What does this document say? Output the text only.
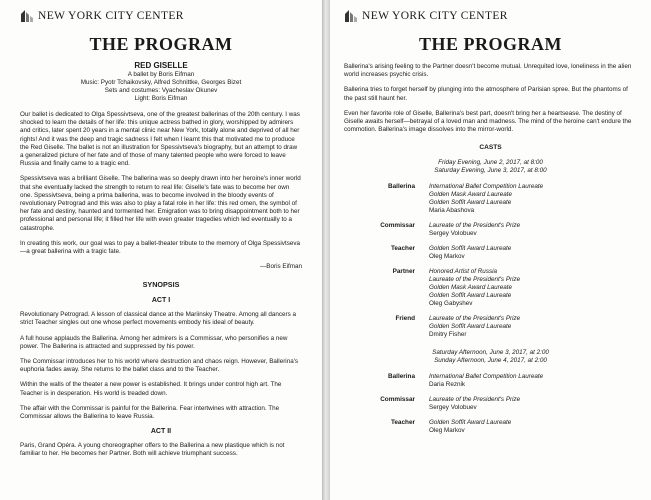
NEW YORK CITY CENTER
THE PROGRAM
RED GISELLE
A ballet by Boris Eifman
Music: Pyotr Tchaikovsky, Alfred Schnittke, Georges Bizet
Sets and costumes: Vyacheslav Okunev
Light: Boris Eifman

Our ballet is dedicated to Olga Spessivtseva, one of the greatest ballerinas of the 20th century. I was shocked to learn the details of her life: this unique actress bathed in glory, worshipped by admirers and critics, later spent 20 years in a mental clinic near New York, totally alone and deprived of all her rights! And it was the deep and tragic sadness I felt when I learnt this that motivated me to produce the Red Giselle. The ballet is not an illustration for Spessivtseva's biography, but an attempt to draw a generalized picture of her fate and of those of many talented people who were forced to leave Russia and finally came to a tragic end.

Spessivtseva was a brilliant Giselle. The ballerina was so deeply drawn into her heroine's inner world that she eventually lacked the strength to return to real life: Giselle's fate was to become her own one. Spessivtseva, being a prima ballerina, was to become involved in the bloody events of revolutionary Petrograd and this was also to play a fatal role in her life: this red omen, the symbol of her fate and destiny, haunted and tormented her. Emigration was to bring disappointment both to her professional and personal life; it filled her life with even greater tragedies which led eventually to a catastrophe.

In creating this work, our goal was to pay a ballet-theater tribute to the memory of Olga Spessivtseva—a great ballerina with a tragic fate.

—Boris Eifman
SYNOPSIS
ACT I

Revolutionary Petrograd. A lesson of classical dance at the Mariinsky Theatre. Among all dancers a strict Teacher singles out one whose perfect movements embody his ideal of beauty.

A full house applauds the Ballerina. Among her admirers is a Commissar, who personifies a new power. The Ballerina is attracted and suppressed by his power.

The Commissar introduces her to his world where destruction and chaos reign. However, Ballerina's euphoria fades away. She returns to the ballet class and to the Teacher.

Within the walls of the theater a new power is established. It brings under control high art. The Teacher is in desperation. His world is treaded down.

The affair with the Commissar is painful for the Ballerina. Fear intertwines with attraction. The Commissar allows the Ballerina to leave Russia.

ACT II

Paris, Grand Opéra. A young choreographer offers to the Ballerina a new plastique which is not familiar to her. He becomes her Partner. Both will achieve triumphant success.

NEW YORK CITY CENTER
THE PROGRAM

Ballerina's arising feeling to the Partner doesn't become mutual. Unrequited love, loneliness in the alien world increases psychic crisis.

Ballerina tries to forget herself by plunging into the atmosphere of Parisian spree. But the phantoms of the past still haunt her.

Even her favorite role of Giselle, Ballerina's best part, doesn't bring her a heartsease. The destiny of Giselle awaits herself—betrayal of a loved man and madness. The mind of the heroine can't endure the commotion. Ballerina's image dissolves into the mirror-world.

CASTS
Friday Evening, June 2, 2017, at 8:00
Saturday Evening, June 3, 2017, at 8:00
Ballerina	International Ballet Competition Laureate
Golden Mask Award Laureate
Golden Soffit Award Laureate
Maria Abashova
Commissar	Laureate of the President's Prize
Sergey Volobuev
Teacher	Golden Soffit Award Laureate
Oleg Markov
Partner	Honored Artist of Russia
Laureate of the President's Prize
Golden Mask Award Laureate
Golden Soffit Award Laureate
Oleg Gabyshev
Friend	Laureate of the President's Prize
Golden Soffit Award Laureate
Dmitry Fisher
Saturday Afternoon, June 3, 2017, at 2:00
Sunday Afternoon, June 4, 2017, at 2:00
Ballerina	International Ballet Competition Laureate
Daria Reznik
Commissar	Laureate of the President's Prize
Sergey Volobuev
Teacher	Golden Soffit Award Laureate
Oleg Markov
